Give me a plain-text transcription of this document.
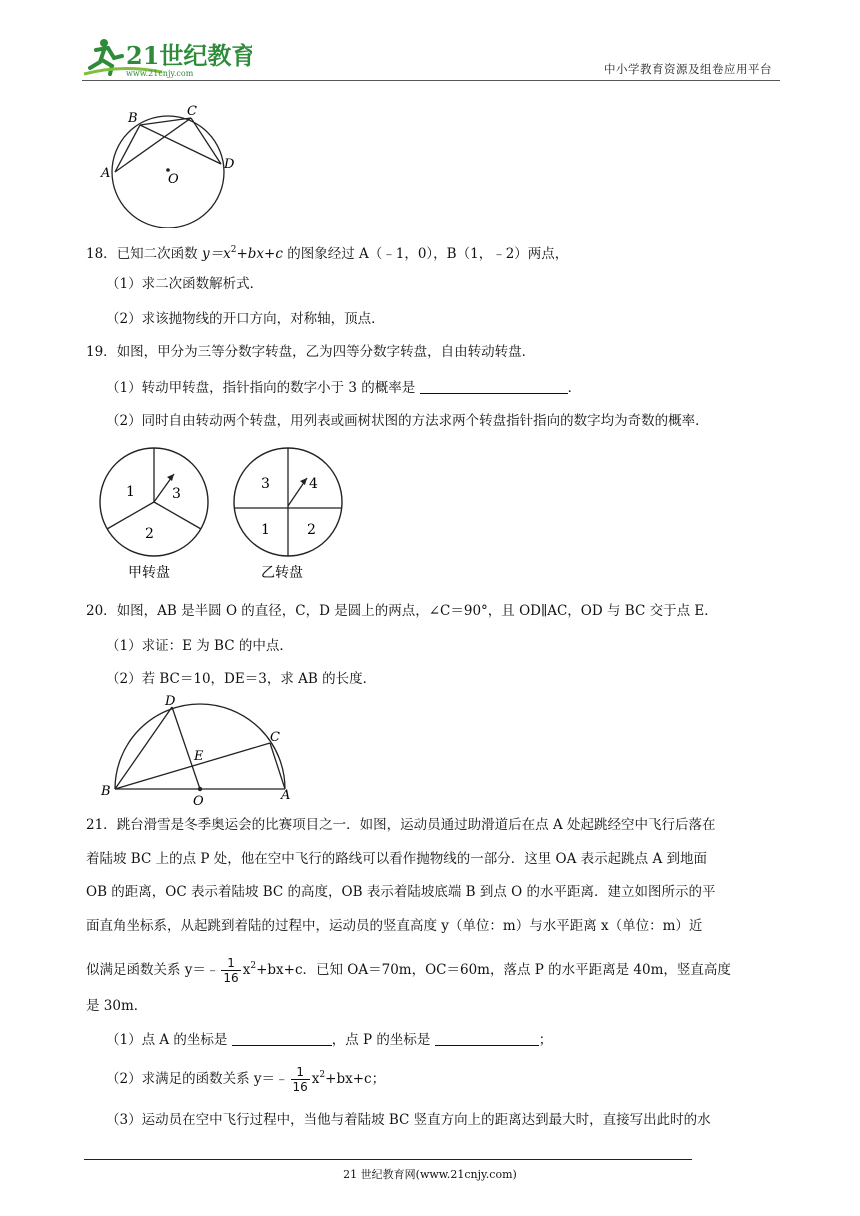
21世纪教育
www.21cnjy.com	中小学教育资源及组卷应用平台
B	C
A
D
O
18．已知二次函数 $y=x^2+bx+c$ 的图象经过 A（﹣1，0），B（1，﹣2）两点，
（1）求二次函数解析式．
（2）求该抛物线的开口方向，对称轴，顶点．
19．如图，甲分为三等分数字转盘，乙为四等分数字转盘，自由转动转盘．
（1）转动甲转盘，指针指向的数字小于 3 的概率是	．
（2）同时自由转动两个转盘，用列表或画树状图的方法求两个转盘指针指向的数字均为奇数的概率．
1	3
2
甲转盘
3	4
1	2
乙转盘
20．如图，AB 是半圆 O 的直径，C，D 是圆上的两点，∠C＝90°，且 OD∥AC，OD 与 BC 交于点 E．
（1）求证：E 为 BC 的中点．
（2）若 BC＝10，DE＝3，求 AB 的长度．
D
C
E
B
O	A
21．跳台滑雪是冬季奥运会的比赛项目之一．如图，运动员通过助滑道后在点 A 处起跳经空中飞行后落在
着陆坡 BC 上的点 P 处，他在空中飞行的路线可以看作抛物线的一部分．这里 OA 表示起跳点 A 到地面
OB 的距离，OC 表示着陆坡 BC 的高度，OB 表示着陆坡底端 B 到点 O 的水平距离．建立如图所示的平
面直角坐标系，从起跳到着陆的过程中，运动员的竖直高度 y（单位：m）与水平距离 x（单位：m）近
似满足函数关系 y＝﹣ $\frac{1}{16} x^2+bx+c$．已知 OA＝70m，OC＝60m，落点 P 的水平距离是 40m，竖直高度
是 30m．
（1）点 A 的坐标是	，点 P 的坐标是	；
（2）求满足的函数关系 y＝﹣ $\frac{1}{16} x^2+bx+c$；
（3）运动员在空中飞行过程中，当他与着陆坡 BC 竖直方向上的距离达到最大时，直接写出此时的水
21 世纪教育网(www.21cnjy.com)
